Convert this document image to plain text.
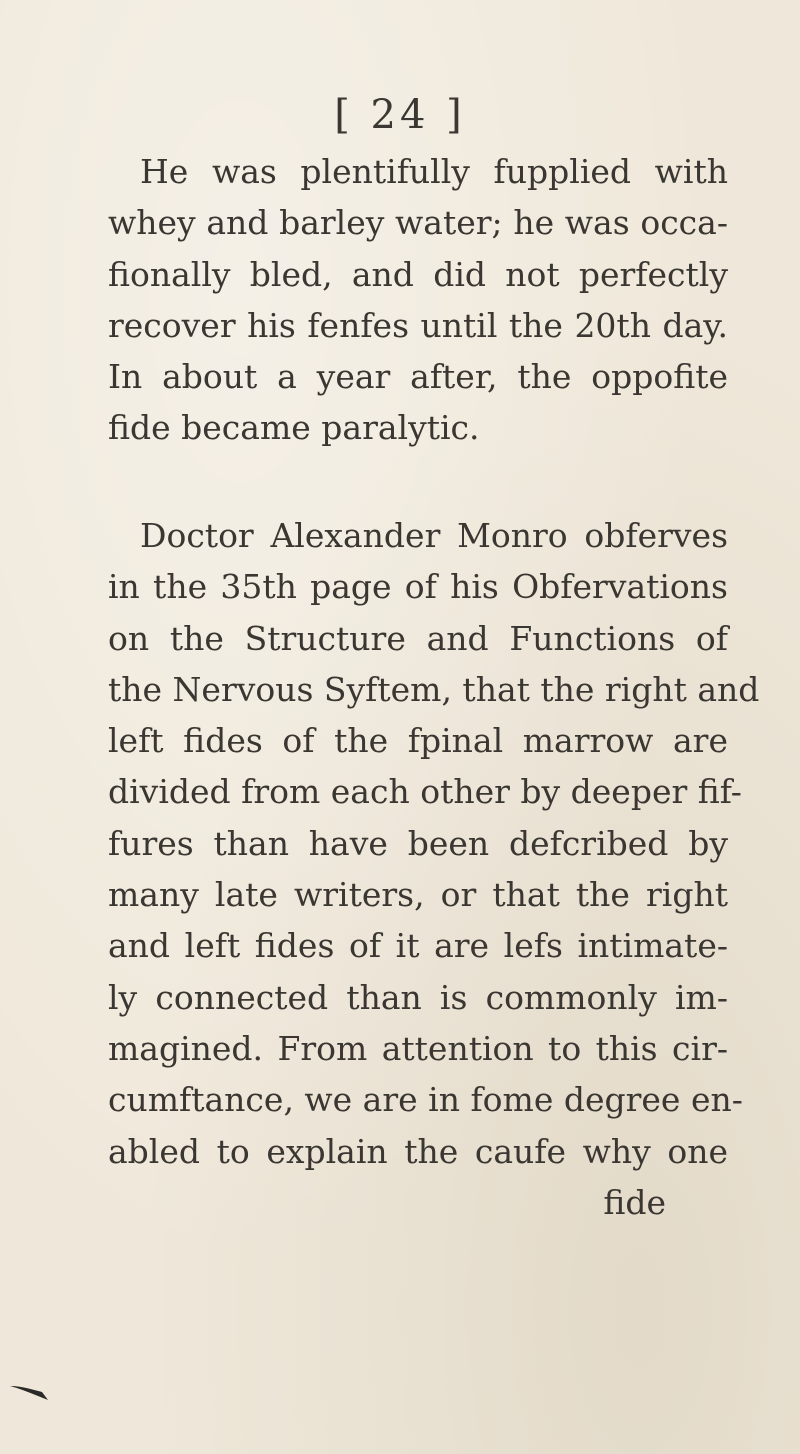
[ 24 ]
He was plentifully fupplied with
whey and barley water; he was occa-
fionally bled, and did not perfectly
recover his fenfes until the 20th day.
In about a year after, the oppofite
fide became paralytic.
Doctor Alexander Monro obferves
in the 35th page of his Obfervations
on the Structure and Functions of
the Nervous Syftem, that the right and
left fides of the fpinal marrow are
divided from each other by deeper fif-
fures than have been defcribed by
many late writers, or that the right
and left fides of it are lefs intimate-
ly connected than is commonly im-
magined. From attention to this cir-
cumftance, we are in fome degree en-
abled to explain the caufe why one
fide
